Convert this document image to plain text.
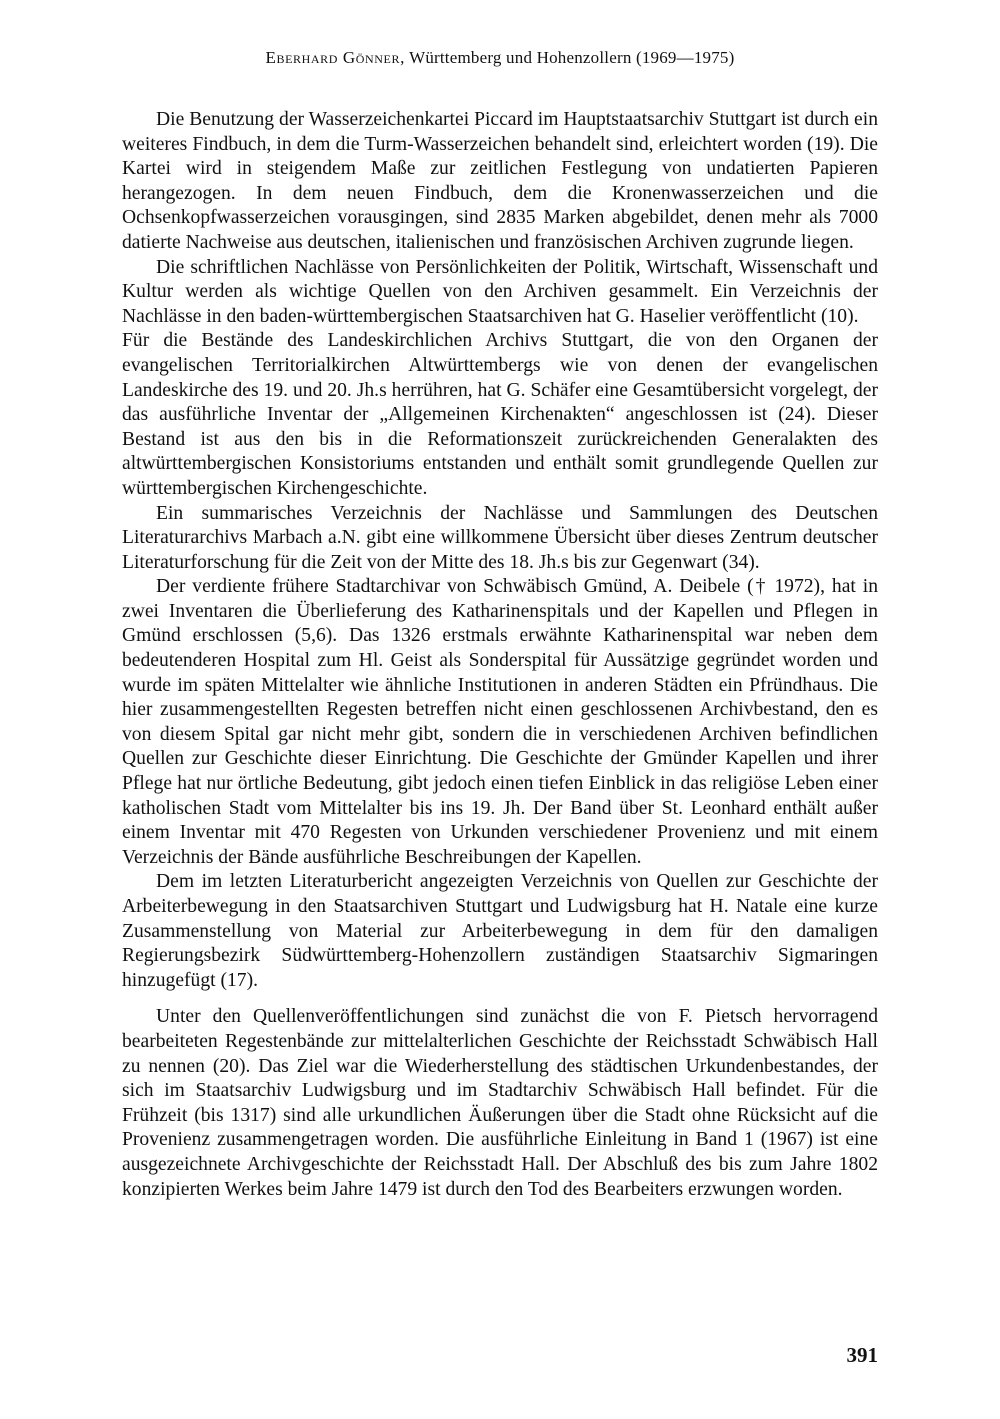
Eberhard Gönner, Württemberg und Hohenzollern (1969—1975)

Die Benutzung der Wasserzeichenkartei Piccard im Hauptstaatsarchiv Stuttgart ist durch ein weiteres Findbuch, in dem die Turm-Wasserzeichen behandelt sind, erleichtert worden (19). Die Kartei wird in steigendem Maße zur zeitlichen Festlegung von undatierten Papieren herangezogen. In dem neuen Findbuch, dem die Kronenwasserzeichen und die Ochsenkopfwasserzeichen vorausgingen, sind 2835 Marken abgebildet, denen mehr als 7000 datierte Nachweise aus deutschen, italienischen und französischen Archiven zugrunde liegen.

Die schriftlichen Nachlässe von Persönlichkeiten der Politik, Wirtschaft, Wissenschaft und Kultur werden als wichtige Quellen von den Archiven gesammelt. Ein Verzeichnis der Nachlässe in den baden-württembergischen Staatsarchiven hat G. Haselier veröffentlicht (10).

Für die Bestände des Landeskirchlichen Archivs Stuttgart, die von den Organen der evangelischen Territorialkirchen Altwürttembergs wie von denen der evangelischen Landeskirche des 19. und 20. Jh.s herrühren, hat G. Schäfer eine Gesamtübersicht vorgelegt, der das ausführliche Inventar der „Allgemeinen Kirchenakten“ angeschlossen ist (24). Dieser Bestand ist aus den bis in die Reformationszeit zurückreichenden Generalakten des altwürttembergischen Konsistoriums entstanden und enthält somit grundlegende Quellen zur württembergischen Kirchengeschichte.

Ein summarisches Verzeichnis der Nachlässe und Sammlungen des Deutschen Literaturarchivs Marbach a.N. gibt eine willkommene Übersicht über dieses Zentrum deutscher Literaturforschung für die Zeit von der Mitte des 18. Jh.s bis zur Gegenwart (34).

Der verdiente frühere Stadtarchivar von Schwäbisch Gmünd, A. Deibele († 1972), hat in zwei Inventaren die Überlieferung des Katharinenspitals und der Kapellen und Pflegen in Gmünd erschlossen (5,6). Das 1326 erstmals erwähnte Katharinenspital war neben dem bedeutenderen Hospital zum Hl. Geist als Sonderspital für Aussätzige gegründet worden und wurde im späten Mittelalter wie ähnliche Institutionen in anderen Städten ein Pfründhaus. Die hier zusammengestellten Regesten betreffen nicht einen geschlossenen Archivbestand, den es von diesem Spital gar nicht mehr gibt, sondern die in verschiedenen Archiven befindlichen Quellen zur Geschichte dieser Einrichtung. Die Geschichte der Gmünder Kapellen und ihrer Pflege hat nur örtliche Bedeutung, gibt jedoch einen tiefen Einblick in das religiöse Leben einer katholischen Stadt vom Mittelalter bis ins 19. Jh. Der Band über St. Leonhard enthält außer einem Inventar mit 470 Regesten von Urkunden verschiedener Provenienz und mit einem Verzeichnis der Bände ausführliche Beschreibungen der Kapellen.

Dem im letzten Literaturbericht angezeigten Verzeichnis von Quellen zur Geschichte der Arbeiterbewegung in den Staatsarchiven Stuttgart und Ludwigsburg hat H. Natale eine kurze Zusammenstellung von Material zur Arbeiterbewegung in dem für den damaligen Regierungsbezirk Südwürttemberg-Hohenzollern zuständigen Staatsarchiv Sigmaringen hinzugefügt (17).

Unter den Quellenveröffentlichungen sind zunächst die von F. Pietsch hervorragend bearbeiteten Regestenbände zur mittelalterlichen Geschichte der Reichsstadt Schwäbisch Hall zu nennen (20). Das Ziel war die Wiederherstellung des städtischen Urkundenbestandes, der sich im Staatsarchiv Ludwigsburg und im Stadtarchiv Schwäbisch Hall befindet. Für die Frühzeit (bis 1317) sind alle urkundlichen Äußerungen über die Stadt ohne Rücksicht auf die Provenienz zusammengetragen worden. Die ausführliche Einleitung in Band 1 (1967) ist eine ausgezeichnete Archivgeschichte der Reichsstadt Hall. Der Abschluß des bis zum Jahre 1802 konzipierten Werkes beim Jahre 1479 ist durch den Tod des Bearbeiters erzwungen worden.

391
